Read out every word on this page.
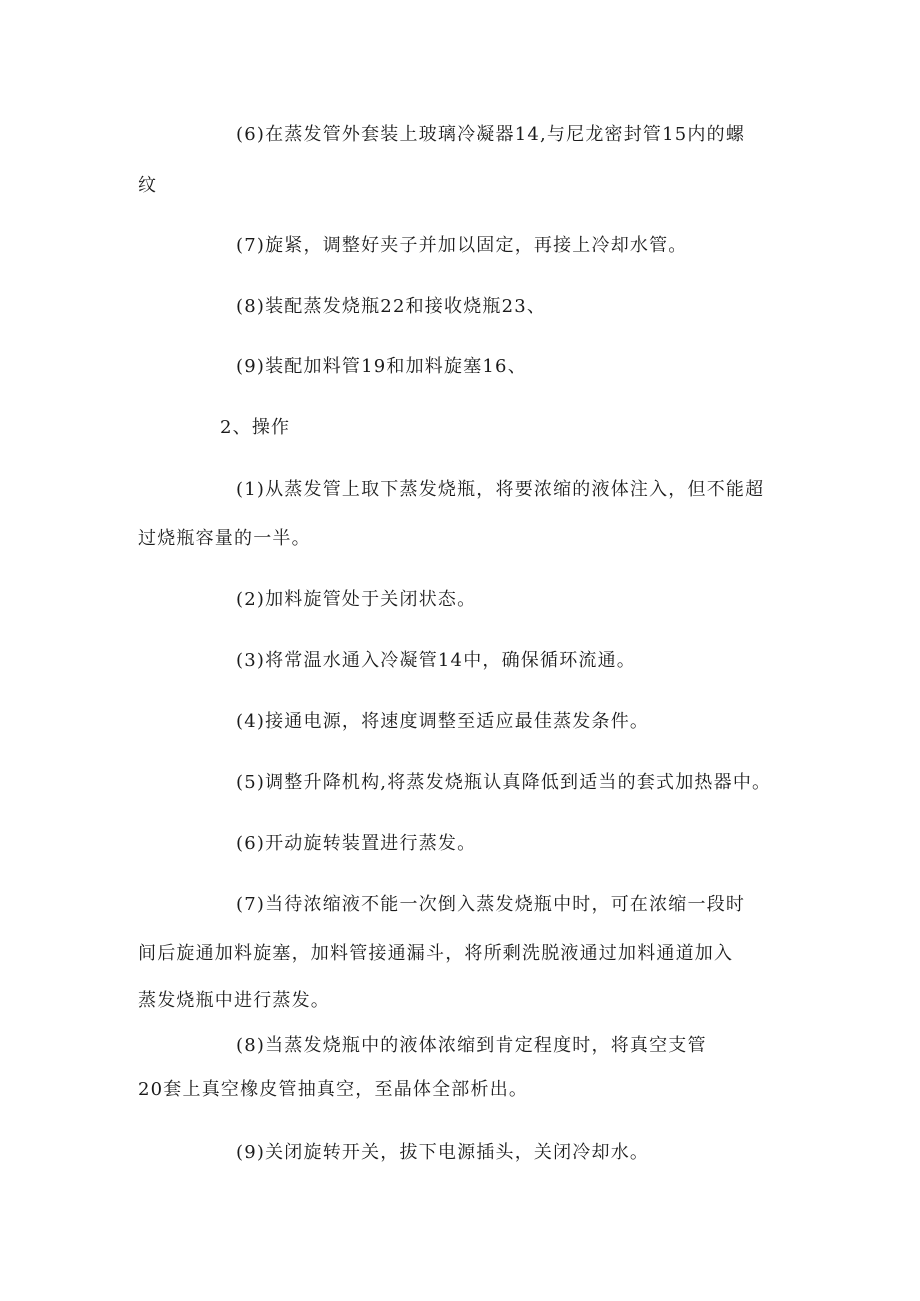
(6)在蒸发管外套装上玻璃冷凝器14,与尼龙密封管15内的螺
纹
(7)旋紧，调整好夹子并加以固定，再接上冷却水管。
(8)装配蒸发烧瓶22和接收烧瓶23、
(9)装配加料管19和加料旋塞16、
2、操作
(1)从蒸发管上取下蒸发烧瓶，将要浓缩的液体注入，但不能超
过烧瓶容量的一半。
(2)加料旋管处于关闭状态。
(3)将常温水通入冷凝管14中，确保循环流通。
(4)接通电源，将速度调整至适应最佳蒸发条件。
(5)调整升降机构,将蒸发烧瓶认真降低到适当的套式加热器中。
(6)开动旋转装置进行蒸发。
(7)当待浓缩液不能一次倒入蒸发烧瓶中时，可在浓缩一段时
间后旋通加料旋塞，加料管接通漏斗，将所剩洗脱液通过加料通道加入
蒸发烧瓶中进行蒸发。
(8)当蒸发烧瓶中的液体浓缩到肯定程度时，将真空支管
20套上真空橡皮管抽真空，至晶体全部析出。
(9)关闭旋转开关，拔下电源插头，关闭冷却水。
